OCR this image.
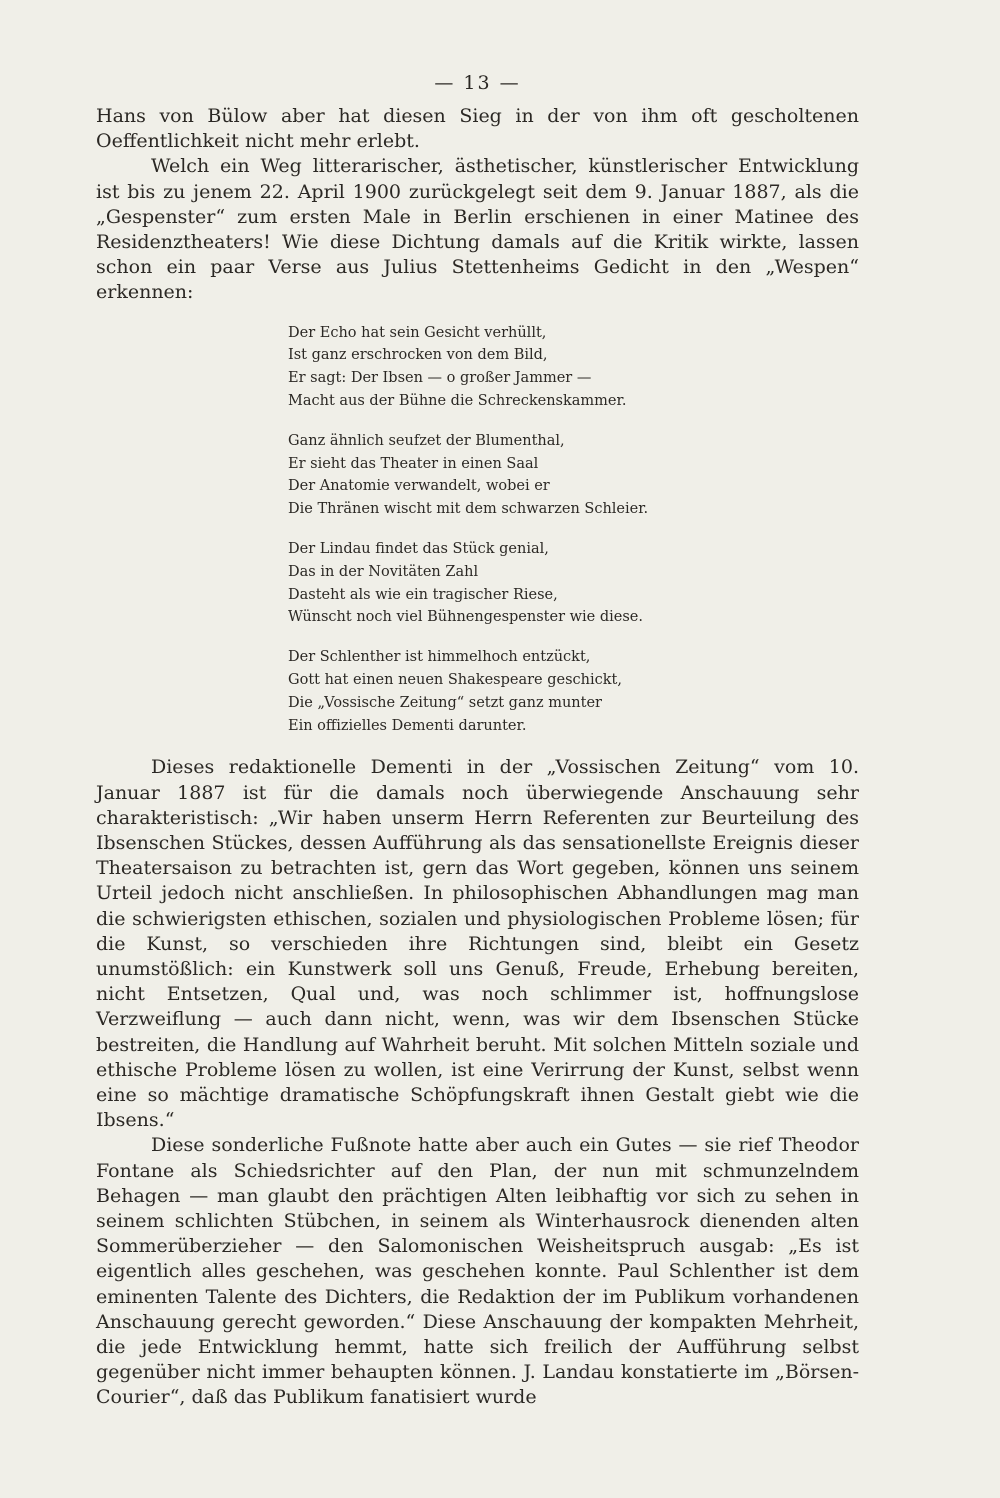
— 13 —

Hans von Bülow aber hat diesen Sieg in der von ihm oft gescholtenen Oeffentlichkeit nicht mehr erlebt.

Welch ein Weg litterarischer, ästhetischer, künstlerischer Entwicklung ist bis zu jenem 22. April 1900 zurückgelegt seit dem 9. Januar 1887, als die „Gespenster“ zum ersten Male in Berlin erschienen in einer Matinee des Residenztheaters! Wie diese Dichtung damals auf die Kritik wirkte, lassen schon ein paar Verse aus Julius Stettenheims Gedicht in den „Wespen“ erkennen:

Der Echo hat sein Gesicht verhüllt,
Ist ganz erschrocken von dem Bild,
Er sagt: Der Ibsen — o großer Jammer —
Macht aus der Bühne die Schreckenskammer.
Ganz ähnlich seufzet der Blumenthal,
Er sieht das Theater in einen Saal
Der Anatomie verwandelt, wobei er
Die Thränen wischt mit dem schwarzen Schleier.
Der Lindau findet das Stück genial,
Das in der Novitäten Zahl
Dasteht als wie ein tragischer Riese,
Wünscht noch viel Bühnengespenster wie diese.
Der Schlenther ist himmelhoch entzückt,
Gott hat einen neuen Shakespeare geschickt,
Die „Vossische Zeitung“ setzt ganz munter
Ein offizielles Dementi darunter.

Dieses redaktionelle Dementi in der „Vossischen Zeitung“ vom 10. Januar 1887 ist für die damals noch überwiegende Anschauung sehr charakteristisch: „Wir haben unserm Herrn Referenten zur Beurteilung des Ibsenschen Stückes, dessen Aufführung als das sensationellste Ereignis dieser Theatersaison zu betrachten ist, gern das Wort gegeben, können uns seinem Urteil jedoch nicht anschließen. In philosophischen Abhandlungen mag man die schwierigsten ethischen, sozialen und physiologischen Probleme lösen; für die Kunst, so verschieden ihre Richtungen sind, bleibt ein Gesetz unumstößlich: ein Kunstwerk soll uns Genuß, Freude, Erhebung bereiten, nicht Entsetzen, Qual und, was noch schlimmer ist, hoffnungslose Verzweiflung — auch dann nicht, wenn, was wir dem Ibsenschen Stücke bestreiten, die Handlung auf Wahrheit beruht. Mit solchen Mitteln soziale und ethische Probleme lösen zu wollen, ist eine Verirrung der Kunst, selbst wenn eine so mächtige dramatische Schöpfungskraft ihnen Gestalt giebt wie die Ibsens.“

Diese sonderliche Fußnote hatte aber auch ein Gutes — sie rief Theodor Fontane als Schiedsrichter auf den Plan, der nun mit schmunzelndem Behagen — man glaubt den prächtigen Alten leibhaftig vor sich zu sehen in seinem schlichten Stübchen, in seinem als Winterhausrock dienenden alten Sommerüberzieher — den Salomonischen Weisheitspruch ausgab: „Es ist eigentlich alles geschehen, was geschehen konnte. Paul Schlenther ist dem eminenten Talente des Dichters, die Redaktion der im Publikum vorhandenen Anschauung gerecht geworden.“ Diese Anschauung der kompakten Mehrheit, die jede Entwicklung hemmt, hatte sich freilich der Aufführung selbst gegenüber nicht immer behaupten können. J. Landau konstatierte im „Börsen-Courier“, daß das Publikum fanatisiert wurde
